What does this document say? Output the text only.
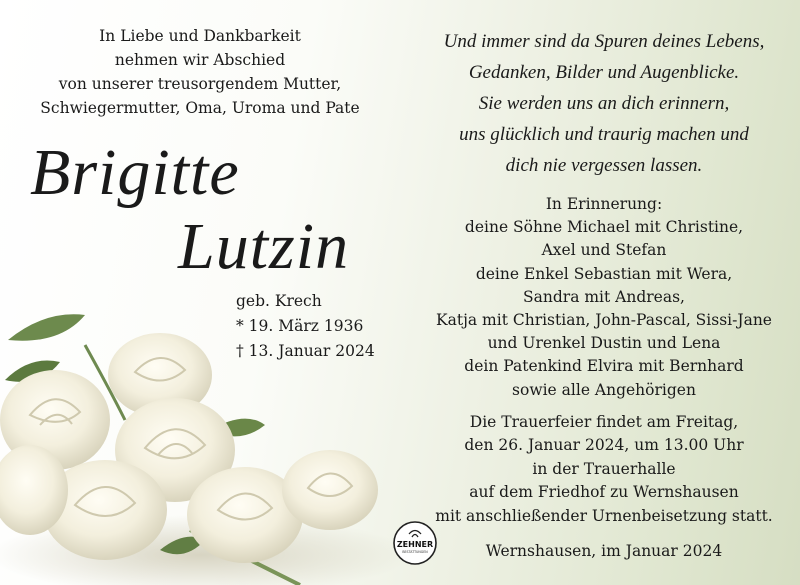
In Liebe und Dankbarkeit
nehmen wir Abschied
von unserer treusorgendem Mutter,
Schwiegermutter, Oma, Uroma und Pate
Brigitte
Lutzin
geb. Krech
* 19. März 1936
† 13. Januar 2024
Und immer sind da Spuren deines Lebens,
Gedanken, Bilder und Augenblicke.
Sie werden uns an dich erinnern,
uns glücklich und traurig machen und
dich nie vergessen lassen.
In Erinnerung:
deine Söhne Michael mit Christine,
Axel und Stefan
deine Enkel Sebastian mit Wera,
Sandra mit Andreas,
Katja mit Christian, John-Pascal, Sissi-Jane
und Urenkel Dustin und Lena
dein Patenkind Elvira mit Bernhard
sowie alle Angehörigen
Die Trauerfeier findet am Freitag,
den 26. Januar 2024, um 13.00 Uhr
in der Trauerhalle
auf dem Friedhof zu Wernshausen
mit anschließender Urnenbeisetzung statt.
Wernshausen, im Januar 2024
ZEHNER
BESTATTUNGEN
